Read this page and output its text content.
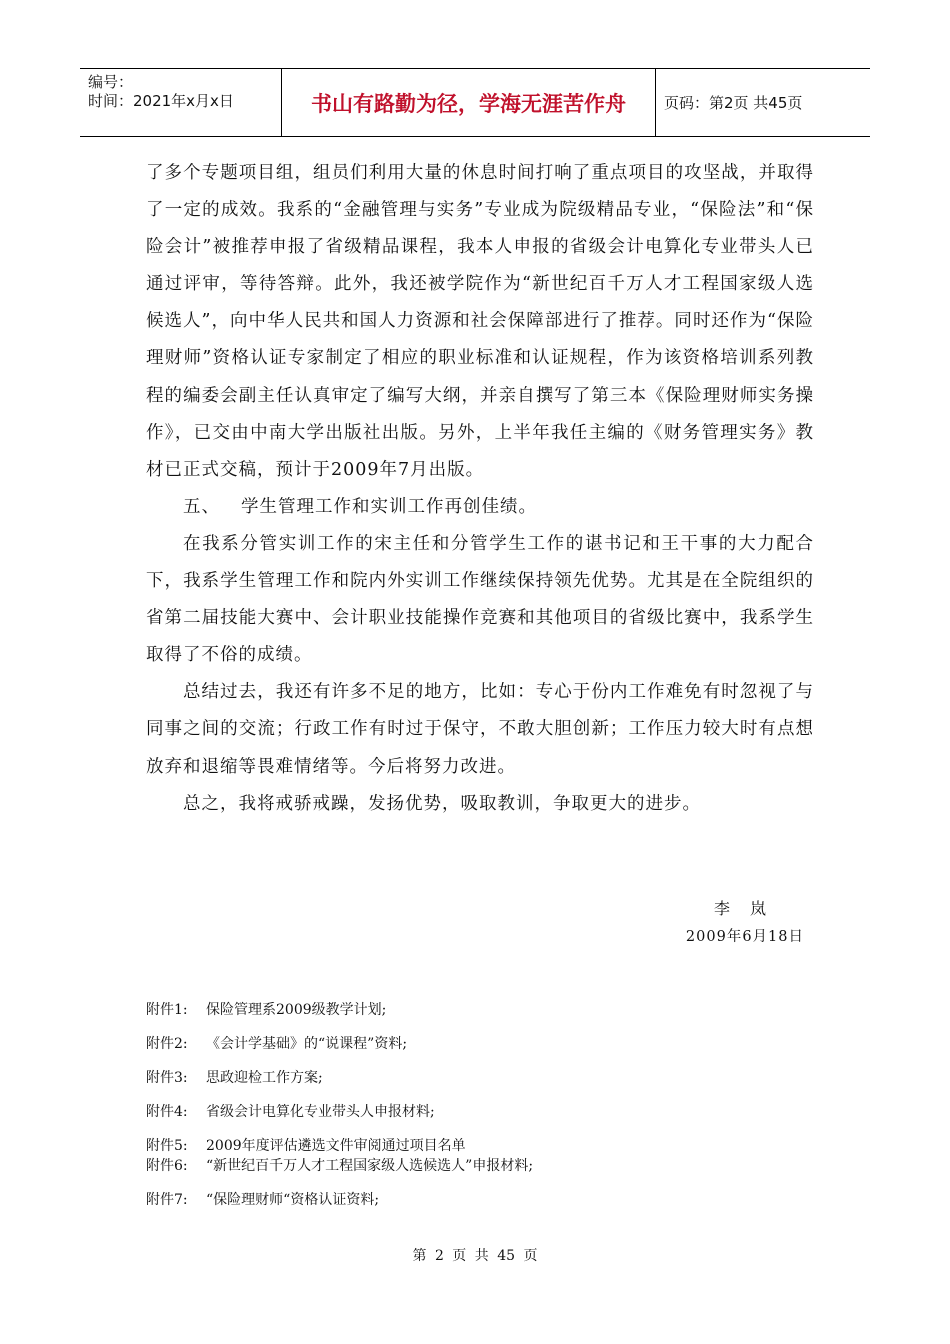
编号：
时间：2021年x月x日	书山有路勤为径，学海无涯苦作舟	页码：第2页 共45页

了多个专题项目组，组员们利用大量的休息时间打响了重点项目的攻坚战，并取得了一定的成效。我系的“金融管理与实务”专业成为院级精品专业，“保险法”和“保险会计”被推荐申报了省级精品课程，我本人申报的省级会计电算化专业带头人已通过评审，等待答辩。此外，我还被学院作为“新世纪百千万人才工程国家级人选候选人”，向中华人民共和国人力资源和社会保障部进行了推荐。同时还作为“保险理财师”资格认证专家制定了相应的职业标准和认证规程，作为该资格培训系列教程的编委会副主任认真审定了编写大纲，并亲自撰写了第三本《保险理财师实务操作》，已交由中南大学出版社出版。另外，上半年我任主编的《财务管理实务》教材已正式交稿，预计于2009年7月出版。

五、 学生管理工作和实训工作再创佳绩。

在我系分管实训工作的宋主任和分管学生工作的谌书记和王干事的大力配合下，我系学生管理工作和院内外实训工作继续保持领先优势。尤其是在全院组织的省第二届技能大赛中、会计职业技能操作竞赛和其他项目的省级比赛中，我系学生取得了不俗的成绩。

总结过去，我还有许多不足的地方，比如：专心于份内工作难免有时忽视了与同事之间的交流；行政工作有时过于保守，不敢大胆创新；工作压力较大时有点想放弃和退缩等畏难情绪等。今后将努力改进。

总之，我将戒骄戒躁，发扬优势，吸取教训，争取更大的进步。

李岚
2009年6月18日
附件1: 保险管理系2009级教学计划;
附件2: 《会计学基础》的“说课程”资料;
附件3: 思政迎检工作方案;
附件4: 省级会计电算化专业带头人申报材料;
附件5: 2009年度评估遴选文件审阅通过项目名单
附件6: “新世纪百千万人才工程国家级人选候选人”申报材料;
附件7: “保险理财师“资格认证资料;
第 2 页 共 45 页
